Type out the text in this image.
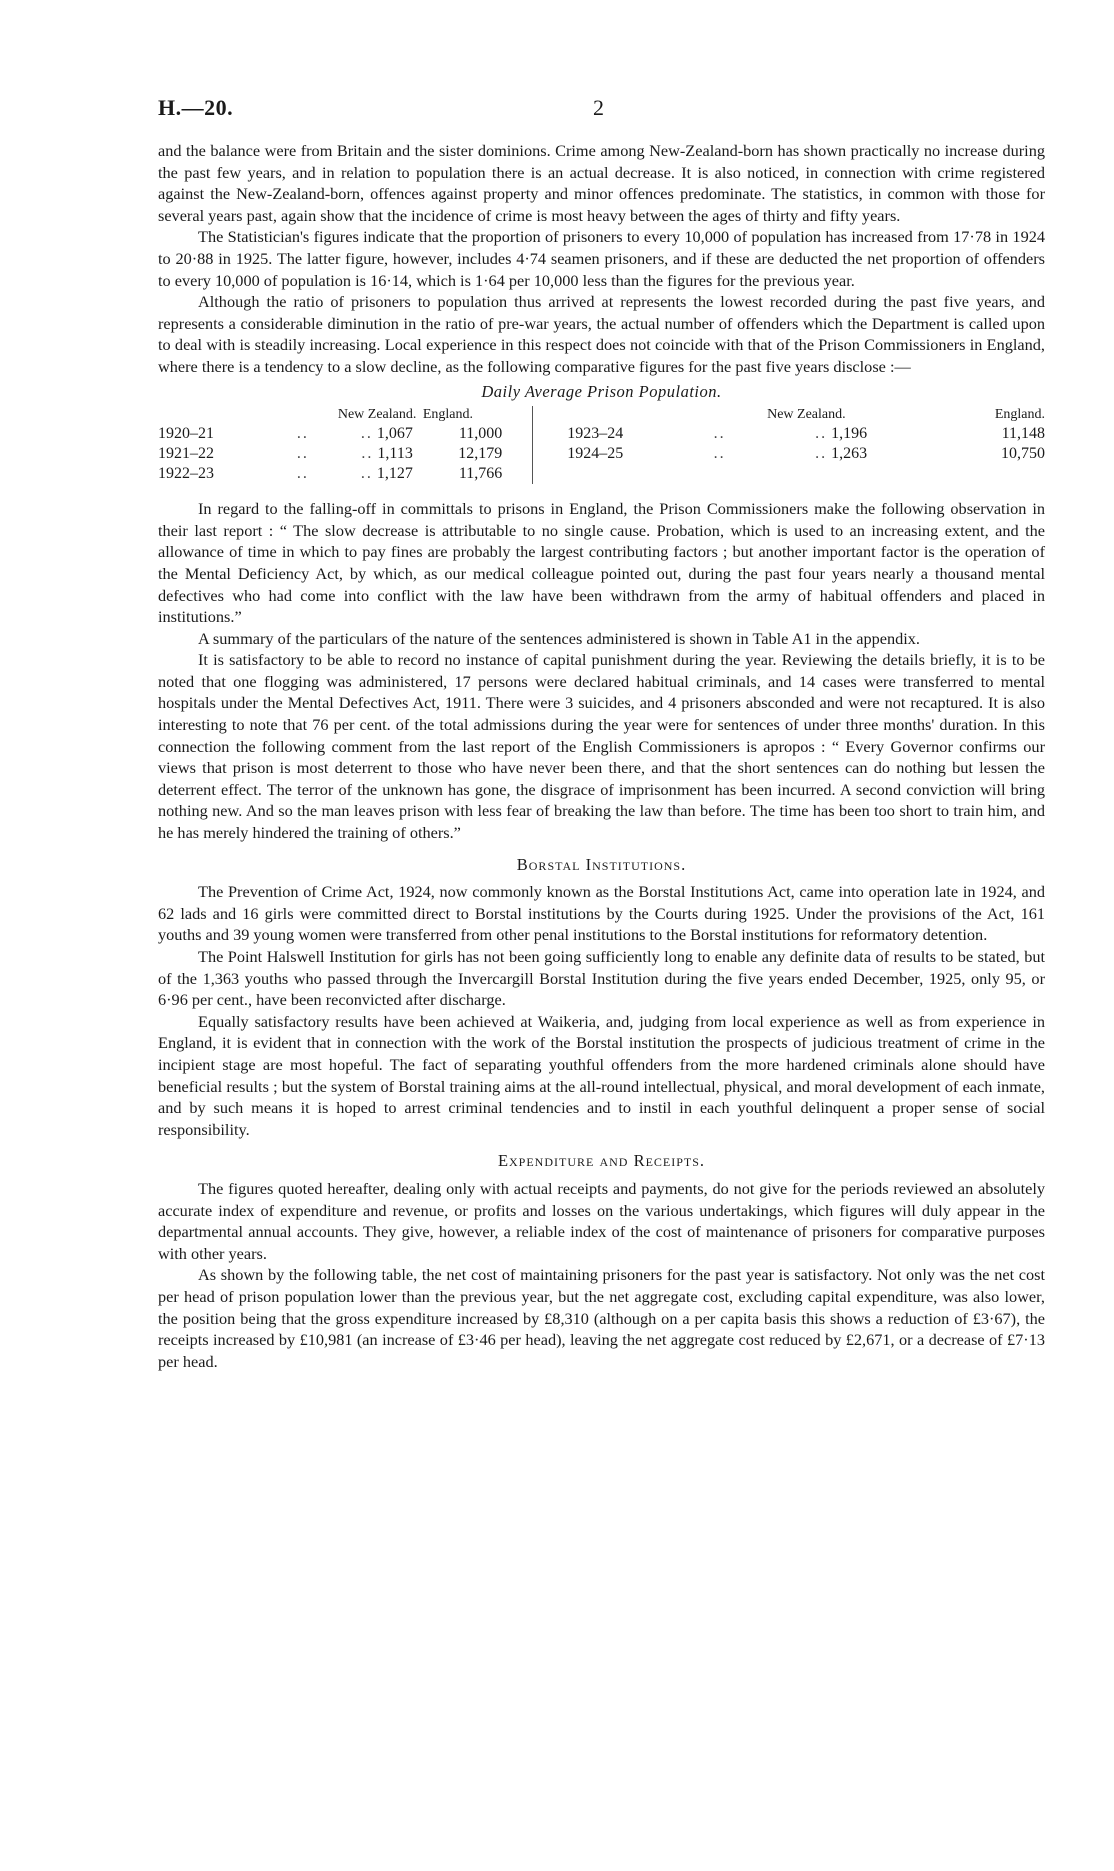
H.—20.	2

and the balance were from Britain and the sister dominions. Crime among New-Zealand-born has shown practically no increase during the past few years, and in relation to population there is an actual decrease. It is also noticed, in connection with crime registered against the New-Zealand-born, offences against property and minor offences predominate. The statistics, in common with those for several years past, again show that the incidence of crime is most heavy between the ages of thirty and fifty years.

The Statistician's figures indicate that the proportion of prisoners to every 10,000 of population has increased from 17·78 in 1924 to 20·88 in 1925. The latter figure, however, includes 4·74 seamen prisoners, and if these are deducted the net proportion of offenders to every 10,000 of population is 16·14, which is 1·64 per 10,000 less than the figures for the previous year.

Although the ratio of prisoners to population thus arrived at represents the lowest recorded during the past five years, and represents a considerable diminution in the ratio of pre-war years, the actual number of offenders which the Department is called upon to deal with is steadily increasing. Local experience in this respect does not coincide with that of the Prison Commissioners in England, where there is a tendency to a slow decline, as the following comparative figures for the past five years disclose :—

Daily Average Prison Population.
		New Zealand.	England.				New Zealand.	England.
1920–21	..	.. 1,067	11,000		1923–24	..	.. 1,196	11,148
1921–22	..	.. 1,113	12,179		1924–25	..	.. 1,263	10,750
1922–23	..	.. 1,127	11,766					

In regard to the falling-off in committals to prisons in England, the Prison Commissioners make the following observation in their last report : “ The slow decrease is attributable to no single cause. Probation, which is used to an increasing extent, and the allowance of time in which to pay fines are probably the largest contributing factors ; but another important factor is the operation of the Mental Deficiency Act, by which, as our medical colleague pointed out, during the past four years nearly a thousand mental defectives who had come into conflict with the law have been withdrawn from the army of habitual offenders and placed in institutions.”

A summary of the particulars of the nature of the sentences administered is shown in Table A1 in the appendix.

It is satisfactory to be able to record no instance of capital punishment during the year. Reviewing the details briefly, it is to be noted that one flogging was administered, 17 persons were declared habitual criminals, and 14 cases were transferred to mental hospitals under the Mental Defectives Act, 1911. There were 3 suicides, and 4 prisoners absconded and were not recaptured. It is also interesting to note that 76 per cent. of the total admissions during the year were for sentences of under three months' duration. In this connection the following comment from the last report of the English Commissioners is apropos : “ Every Governor confirms our views that prison is most deterrent to those who have never been there, and that the short sentences can do nothing but lessen the deterrent effect. The terror of the unknown has gone, the disgrace of imprisonment has been incurred. A second conviction will bring nothing new. And so the man leaves prison with less fear of breaking the law than before. The time has been too short to train him, and he has merely hindered the training of others.”

Borstal Institutions.

The Prevention of Crime Act, 1924, now commonly known as the Borstal Institutions Act, came into operation late in 1924, and 62 lads and 16 girls were committed direct to Borstal institutions by the Courts during 1925. Under the provisions of the Act, 161 youths and 39 young women were transferred from other penal institutions to the Borstal institutions for reformatory detention.

The Point Halswell Institution for girls has not been going sufficiently long to enable any definite data of results to be stated, but of the 1,363 youths who passed through the Invercargill Borstal Institution during the five years ended December, 1925, only 95, or 6·96 per cent., have been reconvicted after discharge.

Equally satisfactory results have been achieved at Waikeria, and, judging from local experience as well as from experience in England, it is evident that in connection with the work of the Borstal institution the prospects of judicious treatment of crime in the incipient stage are most hopeful. The fact of separating youthful offenders from the more hardened criminals alone should have beneficial results ; but the system of Borstal training aims at the all-round intellectual, physical, and moral development of each inmate, and by such means it is hoped to arrest criminal tendencies and to instil in each youthful delinquent a proper sense of social responsibility.

Expenditure and Receipts.

The figures quoted hereafter, dealing only with actual receipts and payments, do not give for the periods reviewed an absolutely accurate index of expenditure and revenue, or profits and losses on the various undertakings, which figures will duly appear in the departmental annual accounts. They give, however, a reliable index of the cost of maintenance of prisoners for comparative purposes with other years.

As shown by the following table, the net cost of maintaining prisoners for the past year is satisfactory. Not only was the net cost per head of prison population lower than the previous year, but the net aggregate cost, excluding capital expenditure, was also lower, the position being that the gross expenditure increased by £8,310 (although on a per capita basis this shows a reduction of £3·67), the receipts increased by £10,981 (an increase of £3·46 per head), leaving the net aggregate cost reduced by £2,671, or a decrease of £7·13 per head.
